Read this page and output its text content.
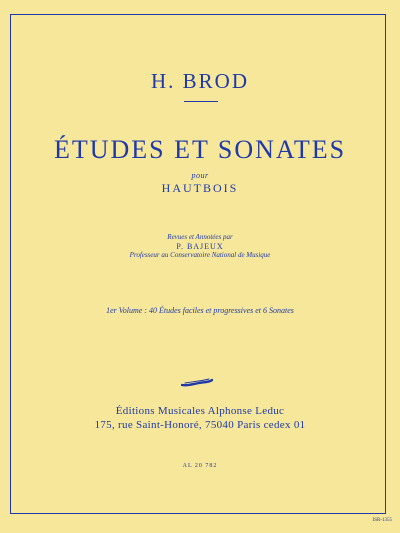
H. BROD
ÉTUDES ET SONATES
pour
HAUTBOIS
Revues et Annotées par
P. BAJEUX
Professeur au Conservatoire National de Musique
1er Volume : 40 Études faciles et progressives et 6 Sonates
Éditions Musicales Alphonse Leduc
175, rue Saint-Honoré, 75040 Paris cedex 01
AL 20 782
ISR-1355
